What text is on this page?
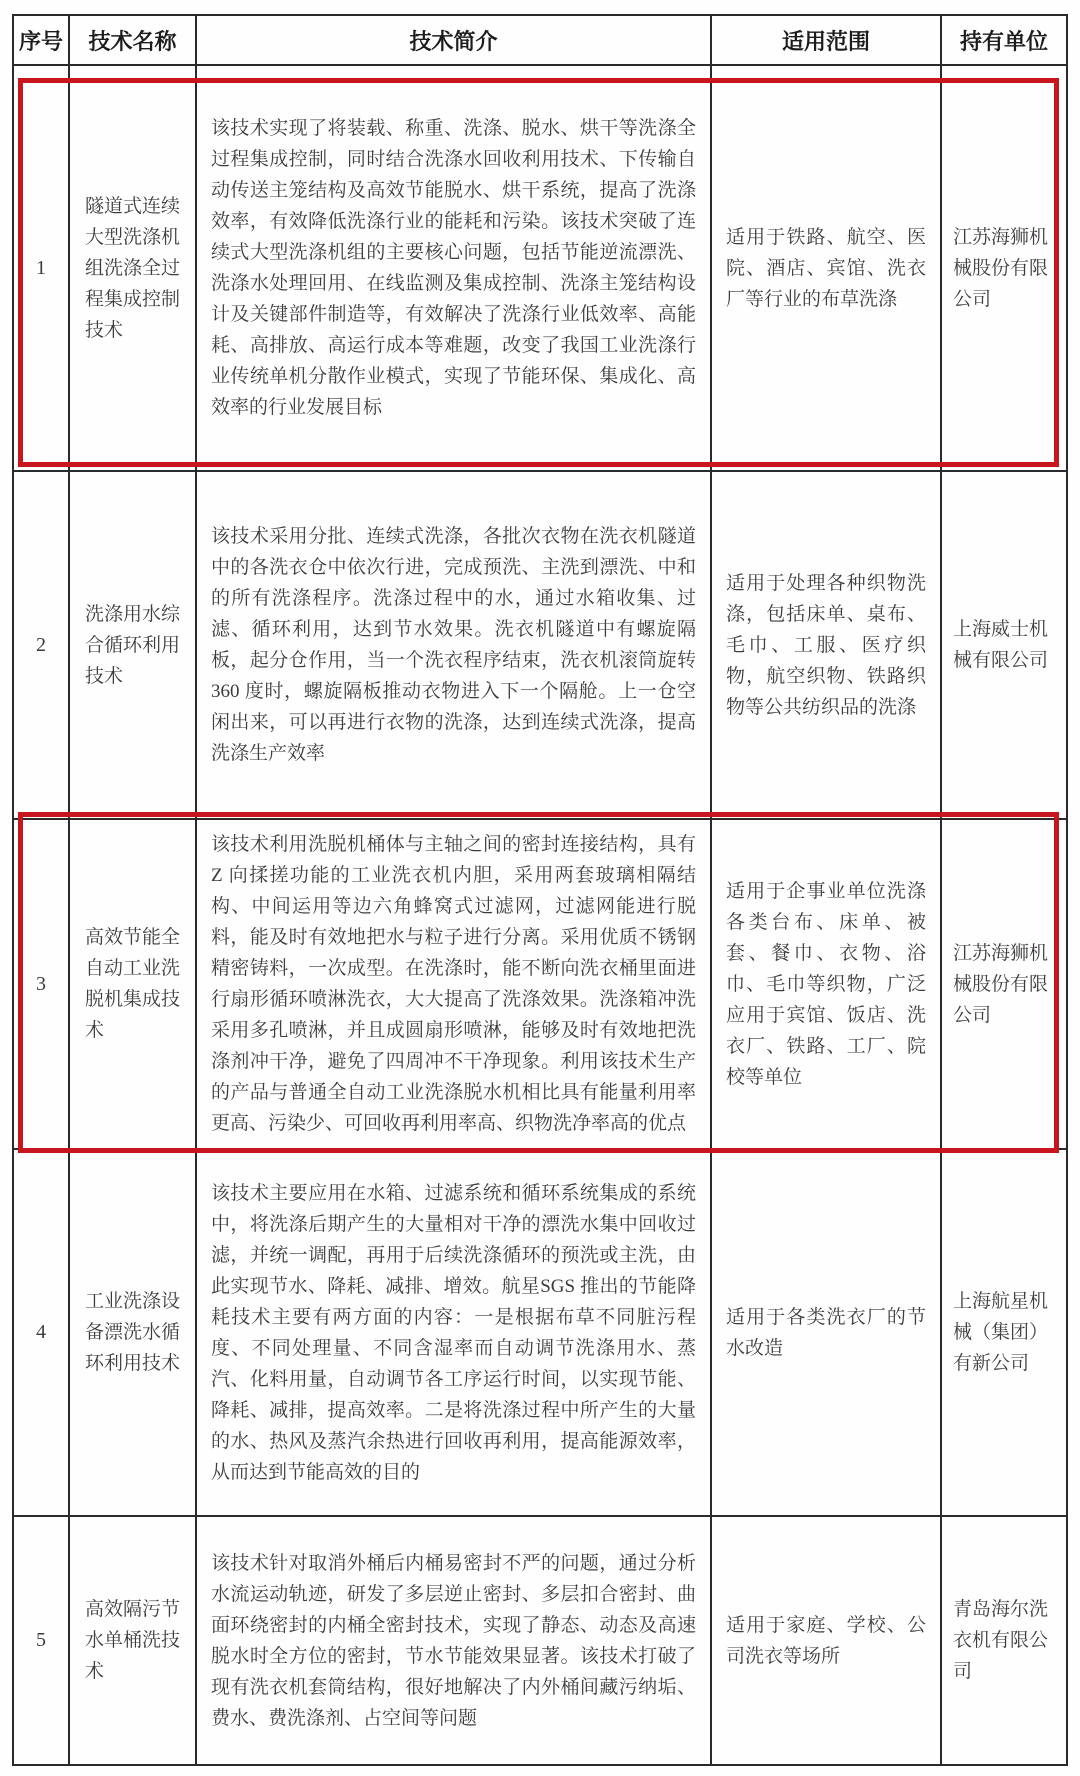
序号	技术名称	技术简介	适用范围	持有单位
1	隧道式连续大型洗涤机组洗涤全过程集成控制技术	该技术实现了将装载、称重、洗涤、脱水、烘干等洗涤全过程集成控制，同时结合洗涤水回收利用技术、下传输自动传送主笼结构及高效节能脱水、烘干系统，提高了洗涤效率，有效降低洗涤行业的能耗和污染。该技术突破了连续式大型洗涤机组的主要核心问题，包括节能逆流漂洗、洗涤水处理回用、在线监测及集成控制、洗涤主笼结构设计及关键部件制造等，有效解决了洗涤行业低效率、高能耗、高排放、高运行成本等难题，改变了我国工业洗涤行业传统单机分散作业模式，实现了节能环保、集成化、高效率的行业发展目标	适用于铁路、航空、医院、酒店、宾馆、洗衣厂等行业的布草洗涤	江苏海狮机械股份有限公司
2	洗涤用水综合循环利用技术	该技术采用分批、连续式洗涤，各批次衣物在洗衣机隧道中的各洗衣仓中依次行进，完成预洗、主洗到漂洗、中和的所有洗涤程序。洗涤过程中的水，通过水箱收集、过滤、循环利用，达到节水效果。洗衣机隧道中有螺旋隔板，起分仓作用，当一个洗衣程序结束，洗衣机滚筒旋转 360 度时，螺旋隔板推动衣物进入下一个隔舱。上一仓空闲出来，可以再进行衣物的洗涤，达到连续式洗涤，提高洗涤生产效率	适用于处理各种织物洗涤，包括床单、桌布、毛巾、工服、医疗织物，航空织物、铁路织物等公共纺织品的洗涤	上海威士机械有限公司
3	高效节能全自动工业洗脱机集成技术	该技术利用洗脱机桶体与主轴之间的密封连接结构，具有 Z 向揉搓功能的工业洗衣机内胆，采用两套玻璃相隔结构、中间运用等边六角蜂窝式过滤网，过滤网能进行脱料，能及时有效地把水与粒子进行分离。采用优质不锈钢精密铸料，一次成型。在洗涤时，能不断向洗衣桶里面进行扇形循环喷淋洗衣，大大提高了洗涤效果。洗涤箱冲洗采用多孔喷淋，并且成圆扇形喷淋，能够及时有效地把洗涤剂冲干净，避免了四周冲不干净现象。利用该技术生产的产品与普通全自动工业洗涤脱水机相比具有能量利用率更高、污染少、可回收再利用率高、织物洗净率高的优点	适用于企事业单位洗涤各类台布、床单、被套、餐巾、衣物、浴巾、毛巾等织物，广泛应用于宾馆、饭店、洗衣厂、铁路、工厂、院校等单位	江苏海狮机械股份有限公司
4	工业洗涤设备漂洗水循环利用技术	该技术主要应用在水箱、过滤系统和循环系统集成的系统中，将洗涤后期产生的大量相对干净的漂洗水集中回收过滤，并统一调配，再用于后续洗涤循环的预洗或主洗，由此实现节水、降耗、减排、增效。航星SGS 推出的节能降耗技术主要有两方面的内容：一是根据布草不同脏污程度、不同处理量、不同含湿率而自动调节洗涤用水、蒸汽、化料用量，自动调节各工序运行时间，以实现节能、降耗、减排，提高效率。二是将洗涤过程中所产生的大量的水、热风及蒸汽余热进行回收再利用，提高能源效率，从而达到节能高效的目的	适用于各类洗衣厂的节水改造	上海航星机械（集团）有新公司
5	高效隔污节水单桶洗技术	该技术针对取消外桶后内桶易密封不严的问题，通过分析水流运动轨迹，研发了多层逆止密封、多层扣合密封、曲面环绕密封的内桶全密封技术，实现了静态、动态及高速脱水时全方位的密封，节水节能效果显著。该技术打破了现有洗衣机套筒结构，很好地解决了内外桶间藏污纳垢、费水、费洗涤剂、占空间等问题	适用于家庭、学校、公司洗衣等场所	青岛海尔洗衣机有限公司
